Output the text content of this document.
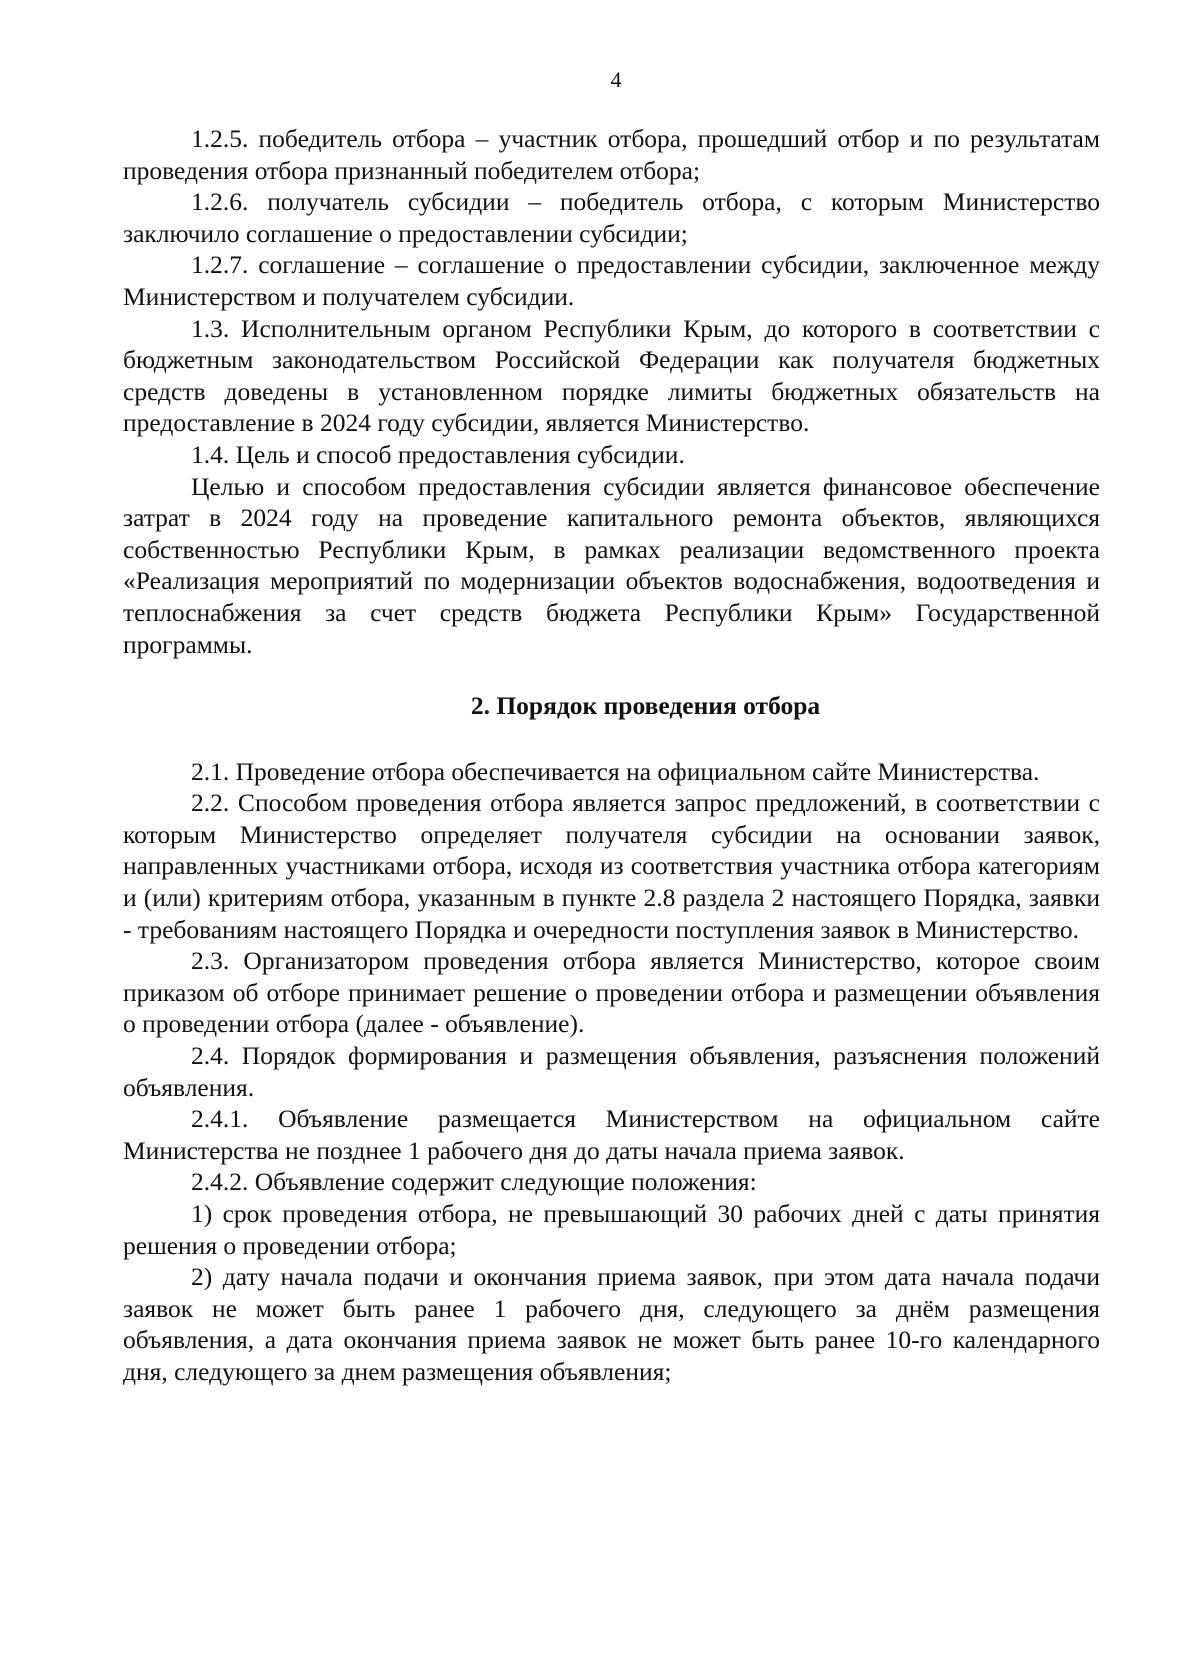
4

1.2.5. победитель отбора – участник отбора, прошедший отбор и по результатам проведения отбора признанный победителем отбора;

1.2.6. получатель субсидии – победитель отбора, с которым Министерство заключило соглашение о предоставлении субсидии;

1.2.7. соглашение – соглашение о предоставлении субсидии, заключенное между Министерством и получателем субсидии.

1.3. Исполнительным органом Республики Крым, до которого в соответствии с бюджетным законодательством Российской Федерации как получателя бюджетных средств доведены в установленном порядке лимиты бюджетных обязательств на предоставление в 2024 году субсидии, является Министерство.

1.4. Цель и способ предоставления субсидии.

Целью и способом предоставления субсидии является финансовое обеспечение затрат в 2024 году на проведение капитального ремонта объектов, являющихся собственностью Республики Крым, в рамках реализации ведомственного проекта «Реализация мероприятий по модернизации объектов водоснабжения, водоотведения и теплоснабжения за счет средств бюджета Республики Крым» Государственной программы.

2. Порядок проведения отбора

2.1. Проведение отбора обеспечивается на официальном сайте Министерства.

2.2. Способом проведения отбора является запрос предложений, в соответствии с которым Министерство определяет получателя субсидии на основании заявок, направленных участниками отбора, исходя из соответствия участника отбора категориям и (или) критериям отбора, указанным в пункте 2.8 раздела 2 настоящего Порядка, заявки - требованиям настоящего Порядка и очередности поступления заявок в Министерство.

2.3. Организатором проведения отбора является Министерство, которое своим приказом об отборе принимает решение о проведении отбора и размещении объявления о проведении отбора (далее - объявление).

2.4. Порядок формирования и размещения объявления, разъяснения положений объявления.

2.4.1. Объявление размещается Министерством на официальном сайте Министерства не позднее 1 рабочего дня до даты начала приема заявок.

2.4.2. Объявление содержит следующие положения:

1) срок проведения отбора, не превышающий 30 рабочих дней с даты принятия решения о проведении отбора;

2) дату начала подачи и окончания приема заявок, при этом дата начала подачи заявок не может быть ранее 1 рабочего дня, следующего за днём размещения объявления, а дата окончания приема заявок не может быть ранее 10-го календарного дня, следующего за днем размещения объявления;
